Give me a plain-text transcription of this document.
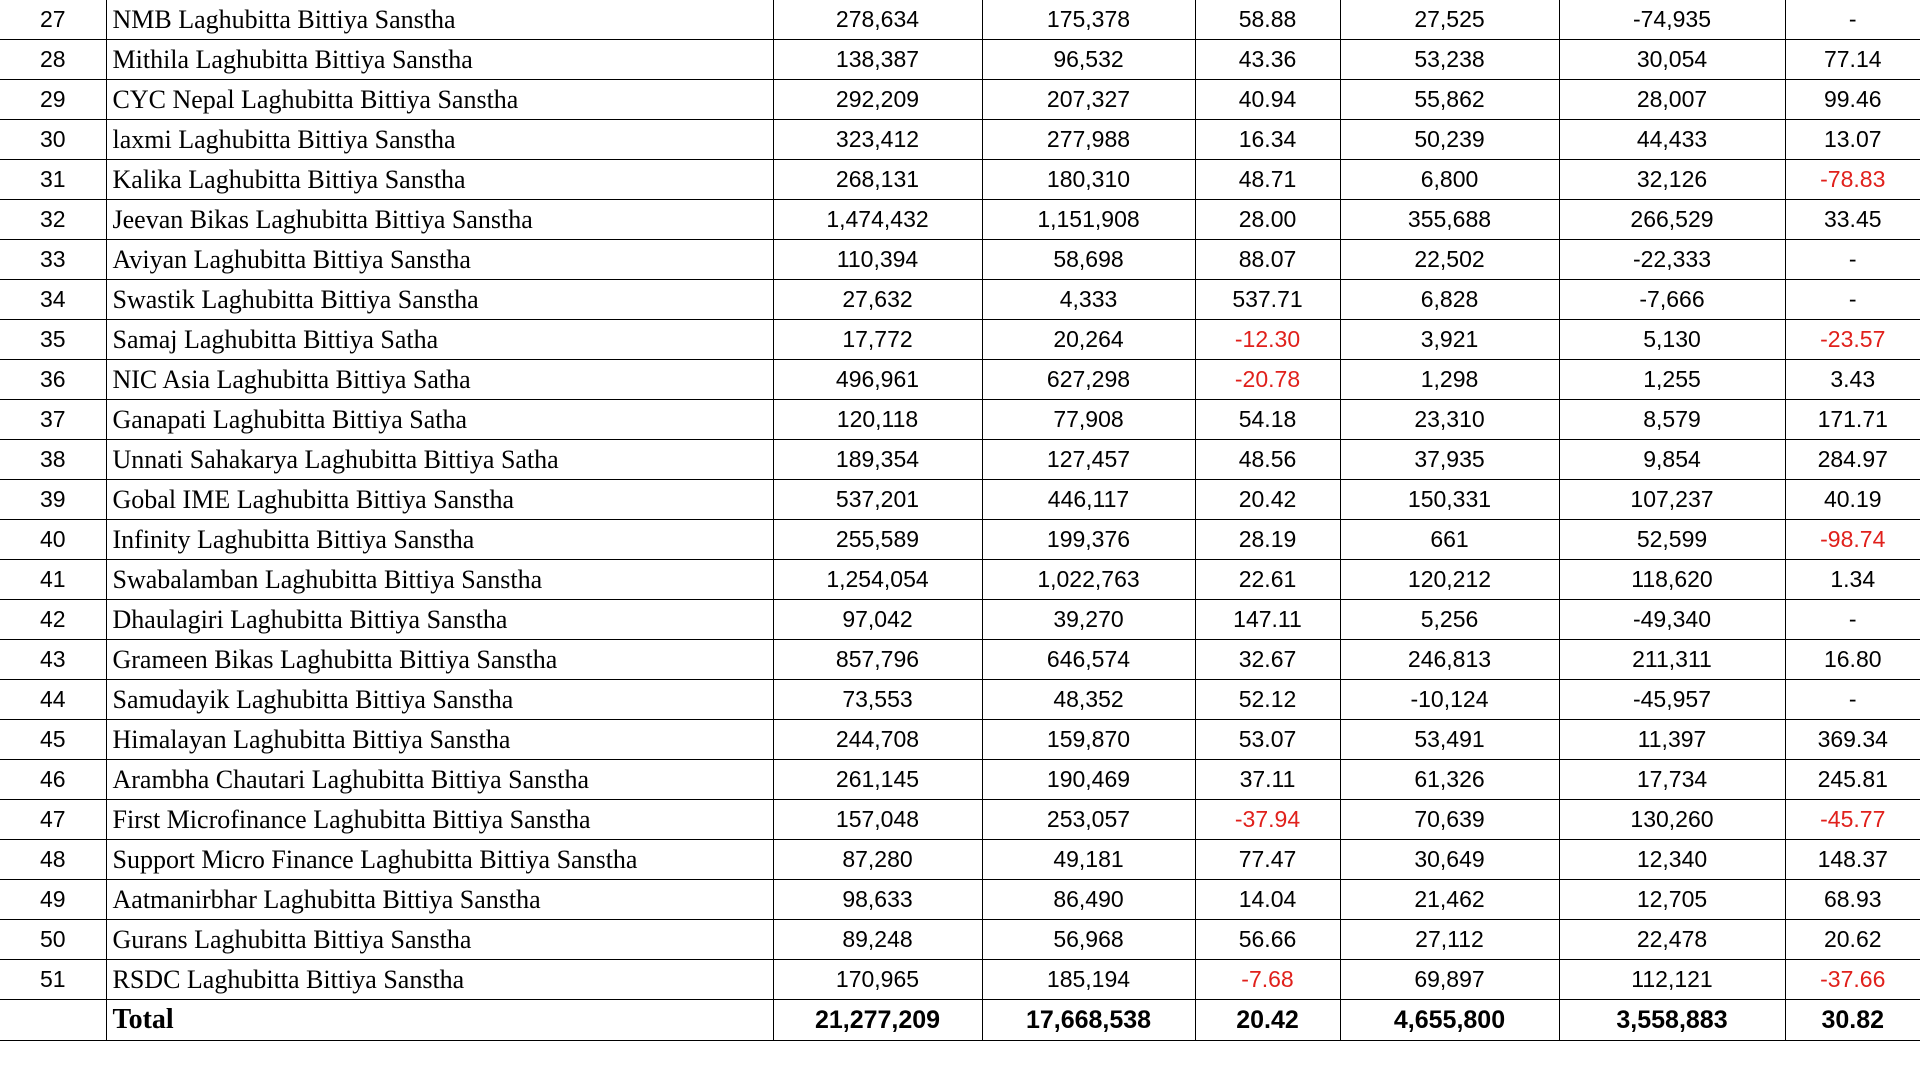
27	NMB Laghubitta Bittiya Sanstha	278,634	175,378	58.88	27,525	-74,935	-
28	Mithila Laghubitta Bittiya Sanstha	138,387	96,532	43.36	53,238	30,054	77.14
29	CYC Nepal Laghubitta Bittiya Sanstha	292,209	207,327	40.94	55,862	28,007	99.46
30	laxmi Laghubitta Bittiya Sanstha	323,412	277,988	16.34	50,239	44,433	13.07
31	Kalika Laghubitta Bittiya Sanstha	268,131	180,310	48.71	6,800	32,126	-78.83
32	Jeevan Bikas Laghubitta Bittiya Sanstha	1,474,432	1,151,908	28.00	355,688	266,529	33.45
33	Aviyan Laghubitta Bittiya Sanstha	110,394	58,698	88.07	22,502	-22,333	-
34	Swastik Laghubitta Bittiya Sanstha	27,632	4,333	537.71	6,828	-7,666	-
35	Samaj Laghubitta Bittiya Satha	17,772	20,264	-12.30	3,921	5,130	-23.57
36	NIC Asia Laghubitta Bittiya Satha	496,961	627,298	-20.78	1,298	1,255	3.43
37	Ganapati Laghubitta Bittiya Satha	120,118	77,908	54.18	23,310	8,579	171.71
38	Unnati Sahakarya Laghubitta Bittiya Satha	189,354	127,457	48.56	37,935	9,854	284.97
39	Gobal IME Laghubitta Bittiya Sanstha	537,201	446,117	20.42	150,331	107,237	40.19
40	Infinity Laghubitta Bittiya Sanstha	255,589	199,376	28.19	661	52,599	-98.74
41	Swabalamban Laghubitta Bittiya Sanstha	1,254,054	1,022,763	22.61	120,212	118,620	1.34
42	Dhaulagiri Laghubitta Bittiya Sanstha	97,042	39,270	147.11	5,256	-49,340	-
43	Grameen Bikas Laghubitta Bittiya Sanstha	857,796	646,574	32.67	246,813	211,311	16.80
44	Samudayik Laghubitta Bittiya Sanstha	73,553	48,352	52.12	-10,124	-45,957	-
45	Himalayan Laghubitta Bittiya Sanstha	244,708	159,870	53.07	53,491	11,397	369.34
46	Arambha Chautari Laghubitta Bittiya Sanstha	261,145	190,469	37.11	61,326	17,734	245.81
47	First Microfinance Laghubitta Bittiya Sanstha	157,048	253,057	-37.94	70,639	130,260	-45.77
48	Support Micro Finance Laghubitta Bittiya Sanstha	87,280	49,181	77.47	30,649	12,340	148.37
49	Aatmanirbhar Laghubitta Bittiya Sanstha	98,633	86,490	14.04	21,462	12,705	68.93
50	Gurans Laghubitta Bittiya Sanstha	89,248	56,968	56.66	27,112	22,478	20.62
51	RSDC Laghubitta Bittiya Sanstha	170,965	185,194	-7.68	69,897	112,121	-37.66
	Total	21,277,209	17,668,538	20.42	4,655,800	3,558,883	30.82
